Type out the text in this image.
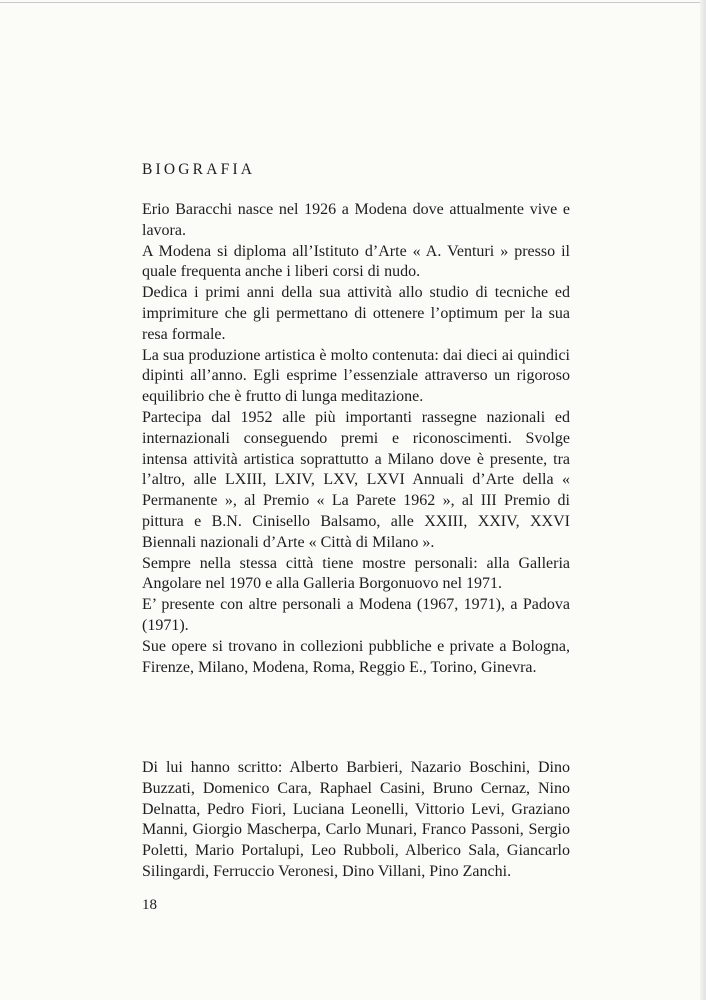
BIOGRAFIA

Erio Baracchi nasce nel 1926 a Modena dove attualmente vive e lavora.

A Modena si diploma all’Istituto d’Arte « A. Venturi » presso il quale frequenta anche i liberi corsi di nudo.

Dedica i primi anni della sua attività allo studio di tecniche ed imprimiture che gli permettano di ottenere l’optimum per la sua resa formale.

La sua produzione artistica è molto contenuta: dai dieci ai quindici dipinti all’anno. Egli esprime l’essenziale attraverso un rigoroso equilibrio che è frutto di lunga meditazione.

Partecipa dal 1952 alle più importanti rassegne nazionali ed internazionali conseguendo premi e riconoscimenti. Svolge intensa attività artistica soprattutto a Milano dove è presente, tra l’altro, alle LXIII, LXIV, LXV, LXVI Annuali d’Arte della « Permanente », al Premio « La Parete 1962 », al III Premio di pittura e B.N. Cinisello Balsamo, alle XXIII, XXIV, XXVI Biennali nazionali d’Arte « Città di Milano ».

Sempre nella stessa città tiene mostre personali: alla Galleria Angolare nel 1970 e alla Galleria Borgonuovo nel 1971.

E’ presente con altre personali a Modena (1967, 1971), a Padova (1971).

Sue opere si trovano in collezioni pubbliche e private a Bologna, Firenze, Milano, Modena, Roma, Reggio E., Torino, Ginevra.

Di lui hanno scritto: Alberto Barbieri, Nazario Boschini, Dino Buzzati, Domenico Cara, Raphael Casini, Bruno Cernaz, Nino Delnatta, Pedro Fiori, Luciana Leonelli, Vittorio Levi, Graziano Manni, Giorgio Mascherpa, Carlo Munari, Franco Passoni, Sergio Poletti, Mario Portalupi, Leo Rubboli, Alberico Sala, Giancarlo Silingardi, Ferruccio Veronesi, Dino Villani, Pino Zanchi.

18
